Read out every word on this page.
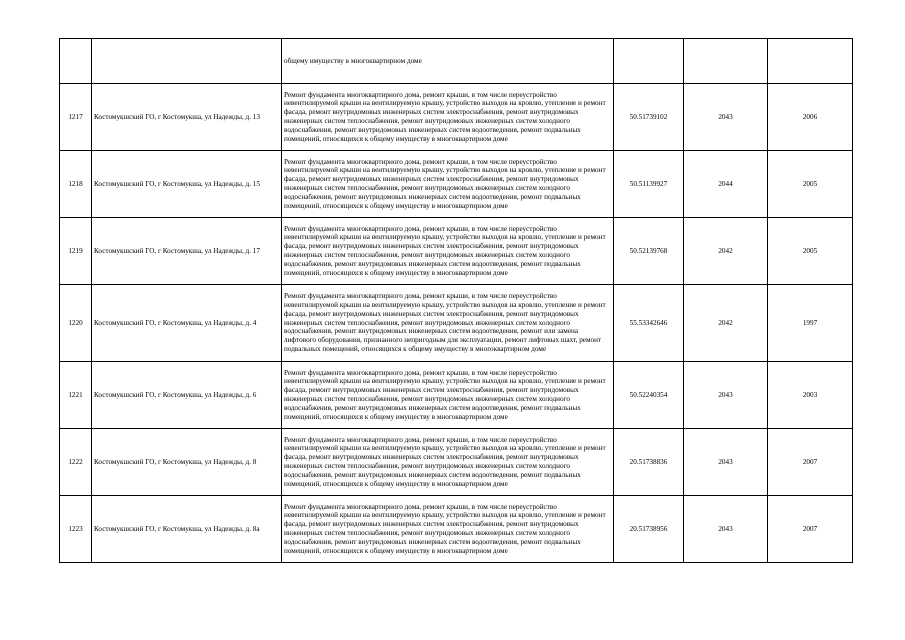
		общему имуществу в многоквартирном доме			
1217	Костомукшский ГО, г Костомукша, ул Надежды, д. 13	Ремонт фундамента многоквартирного дома, ремонт крыши, в том числе переустройство невентилируемой крыши на вентилируемую крышу, устройство выходов на кровлю, утепление и ремонт фасада, ремонт внутридомовых инженерных систем электроснабжения, ремонт внутридомовых инженерных систем теплоснабжения, ремонт внутридомовых инженерных систем холодного водоснабжения, ремонт внутридомовых инженерных систем водоотведения, ремонт подвальных помещений, относящихся к общему имуществу в многоквартирном доме	50.51739102	2043	2006
1218	Костомукшский ГО, г Костомукша, ул Надежды, д. 15	Ремонт фундамента многоквартирного дома, ремонт крыши, в том числе переустройство невентилируемой крыши на вентилируемую крышу, устройство выходов на кровлю, утепление и ремонт фасада, ремонт внутридомовых инженерных систем электроснабжения, ремонт внутридомовых инженерных систем теплоснабжения, ремонт внутридомовых инженерных систем холодного водоснабжения, ремонт внутридомовых инженерных систем водоотведения, ремонт подвальных помещений, относящихся к общему имуществу в многоквартирном доме	50.51139927	2044	2005
1219	Костомукшский ГО, г Костомукша, ул Надежды, д. 17	Ремонт фундамента многоквартирного дома, ремонт крыши, в том числе переустройство невентилируемой крыши на вентилируемую крышу, устройство выходов на кровлю, утепление и ремонт фасада, ремонт внутридомовых инженерных систем электроснабжения, ремонт внутридомовых инженерных систем теплоснабжения, ремонт внутридомовых инженерных систем холодного водоснабжения, ремонт внутридомовых инженерных систем водоотведения, ремонт подвальных помещений, относящихся к общему имуществу в многоквартирном доме	50.52139768	2042	2005
1220	Костомукшский ГО, г Костомукша, ул Надежды, д. 4	Ремонт фундамента многоквартирного дома, ремонт крыши, в том числе переустройство невентилируемой крыши на вентилируемую крышу, устройство выходов на кровлю, утепление и ремонт фасада, ремонт внутридомовых инженерных систем электроснабжения, ремонт внутридомовых инженерных систем теплоснабжения, ремонт внутридомовых инженерных систем холодного водоснабжения, ремонт внутридомовых инженерных систем водоотведения, ремонт или замена лифтового оборудования, признанного непригодным для эксплуатации, ремонт лифтовых шахт, ремонт подвальных помещений, относящихся к общему имуществу в многоквартирном доме	55.53342646	2042	1997
1221	Костомукшский ГО, г Костомукша, ул Надежды, д. 6	Ремонт фундамента многоквартирного дома, ремонт крыши, в том числе переустройство невентилируемой крыши на вентилируемую крышу, устройство выходов на кровлю, утепление и ремонт фасада, ремонт внутридомовых инженерных систем электроснабжения, ремонт внутридомовых инженерных систем теплоснабжения, ремонт внутридомовых инженерных систем холодного водоснабжения, ремонт внутридомовых инженерных систем водоотведения, ремонт подвальных помещений, относящихся к общему имуществу в многоквартирном доме	50.52240354	2043	2003
1222	Костомукшский ГО, г Костомукша, ул Надежды, д. 8	Ремонт фундамента многоквартирного дома, ремонт крыши, в том числе переустройство невентилируемой крыши на вентилируемую крышу, устройство выходов на кровлю, утепление и ремонт фасада, ремонт внутридомовых инженерных систем электроснабжения, ремонт внутридомовых инженерных систем теплоснабжения, ремонт внутридомовых инженерных систем холодного водоснабжения, ремонт внутридомовых инженерных систем водоотведения, ремонт подвальных помещений, относящихся к общему имуществу в многоквартирном доме	20.51738836	2043	2007
1223	Костомукшский ГО, г Костомукша, ул Надежды, д. 8а	Ремонт фундамента многоквартирного дома, ремонт крыши, в том числе переустройство невентилируемой крыши на вентилируемую крышу, устройство выходов на кровлю, утепление и ремонт фасада, ремонт внутридомовых инженерных систем электроснабжения, ремонт внутридомовых инженерных систем теплоснабжения, ремонт внутридомовых инженерных систем холодного водоснабжения, ремонт внутридомовых инженерных систем водоотведения, ремонт подвальных помещений, относящихся к общему имуществу в многоквартирном доме	20.51738956	2043	2007
